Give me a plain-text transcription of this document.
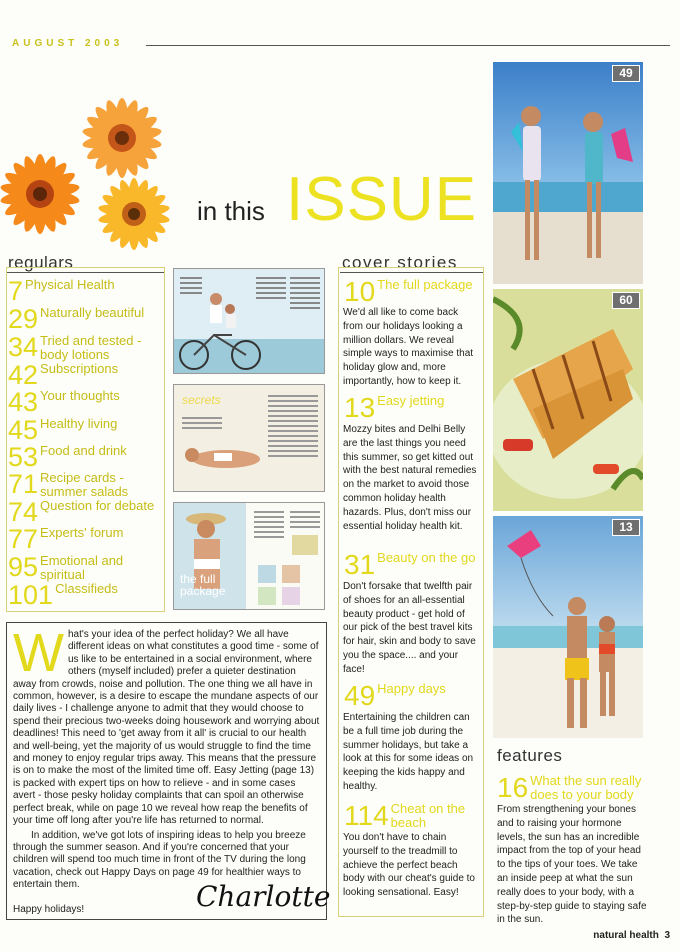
AUGUST 2003
in this ISSUE
regulars
7 Physical Health
29 Naturally beautiful
34 Tried and tested - body lotions
42 Subscriptions
43 Your thoughts
45 Healthy living
53 Food and drink
71 Recipe cards - summer salads
74 Question for debate
77 Experts' forum
95 Emotional and spiritual
101 Classifieds
secrets
the full package
W hat's your idea of the perfect holiday? We all have different ideas on what constitutes a good time - some of us like to be entertained in a social environment, where others (myself included) prefer a quieter destination away from crowds, noise and pollution. The one thing we all have in common, however, is a desire to escape the mundane aspects of our daily lives - I challenge anyone to admit that they would choose to spend their precious two-weeks doing housework and worrying about deadlines! This need to 'get away from it all' is crucial to our health and well-being, yet the majority of us would struggle to find the time and money to enjoy regular trips away. This means that the pressure is on to make the most of the limited time off. Easy Jetting (page 13) is packed with expert tips on how to relieve - and in some cases avert - those pesky holiday complaints that can spoil an otherwise perfect break, while on page 10 we reveal how reap the benefits of your time off long after you're life has returned to normal.

In addition, we've got lots of inspiring ideas to help you breeze through the summer season. And if you're concerned that your children will spend too much time in front of the TV during the long vacation, check out Happy Days on page 49 for healthier ways to entertain them.

Happy holidays!	Charlotte
cover stories
10 The full package
We'd all like to come back from our holidays looking a million dollars. We reveal simple ways to maximise that holiday glow and, more importantly, how to keep it.
13 Easy jetting
Mozzy bites and Delhi Belly are the last things you need this summer, so get kitted out with the best natural remedies on the market to avoid those common holiday health hazards. Plus, don't miss our essential holiday health kit.
31 Beauty on the go
Don't forsake that twelfth pair of shoes for an all-essential beauty product - get hold of our pick of the best travel kits for hair, skin and body to save you the space.... and your face!
49 Happy days
Entertaining the children can be a full time job during the summer holidays, but take a look at this for some ideas on keeping the kids happy and healthy.
114 Cheat on the beach
You don't have to chain yourself to the treadmill to achieve the perfect beach body with our cheat's guide to looking sensational. Easy!
49
60
13
features
16 What the sun really does to your body
From strengthening your bones and to raising your hormone levels, the sun has an incredible impact from the top of your head to the tips of your toes. We take an inside peep at what the sun really does to your body, with a step-by-step guide to staying safe in the sun.
natural health 3
